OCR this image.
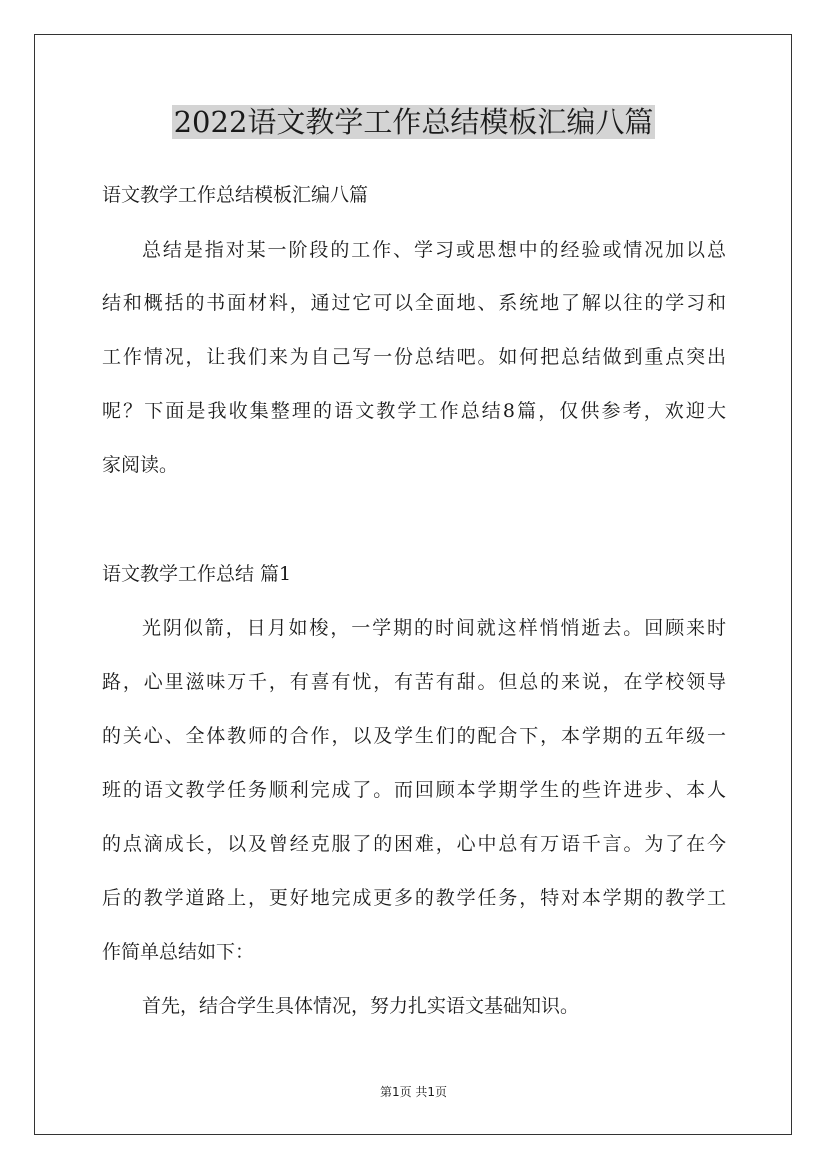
2022语文教学工作总结模板汇编八篇
语文教学工作总结模板汇编八篇
总结是指对某一阶段的工作、学习或思想中的经验或情况加以总
结和概括的书面材料，通过它可以全面地、系统地了解以往的学习和
工作情况，让我们来为自己写一份总结吧。如何把总结做到重点突出
呢？下面是我收集整理的语文教学工作总结8篇，仅供参考，欢迎大
家阅读。
语文教学工作总结 篇1
光阴似箭，日月如梭，一学期的时间就这样悄悄逝去。回顾来时
路，心里滋味万千，有喜有忧，有苦有甜。但总的来说，在学校领导
的关心、全体教师的合作，以及学生们的配合下，本学期的五年级一
班的语文教学任务顺利完成了。而回顾本学期学生的些许进步、本人
的点滴成长，以及曾经克服了的困难，心中总有万语千言。为了在今
后的教学道路上，更好地完成更多的教学任务，特对本学期的教学工
作简单总结如下：
首先，结合学生具体情况，努力扎实语文基础知识。
第1页 共1页
